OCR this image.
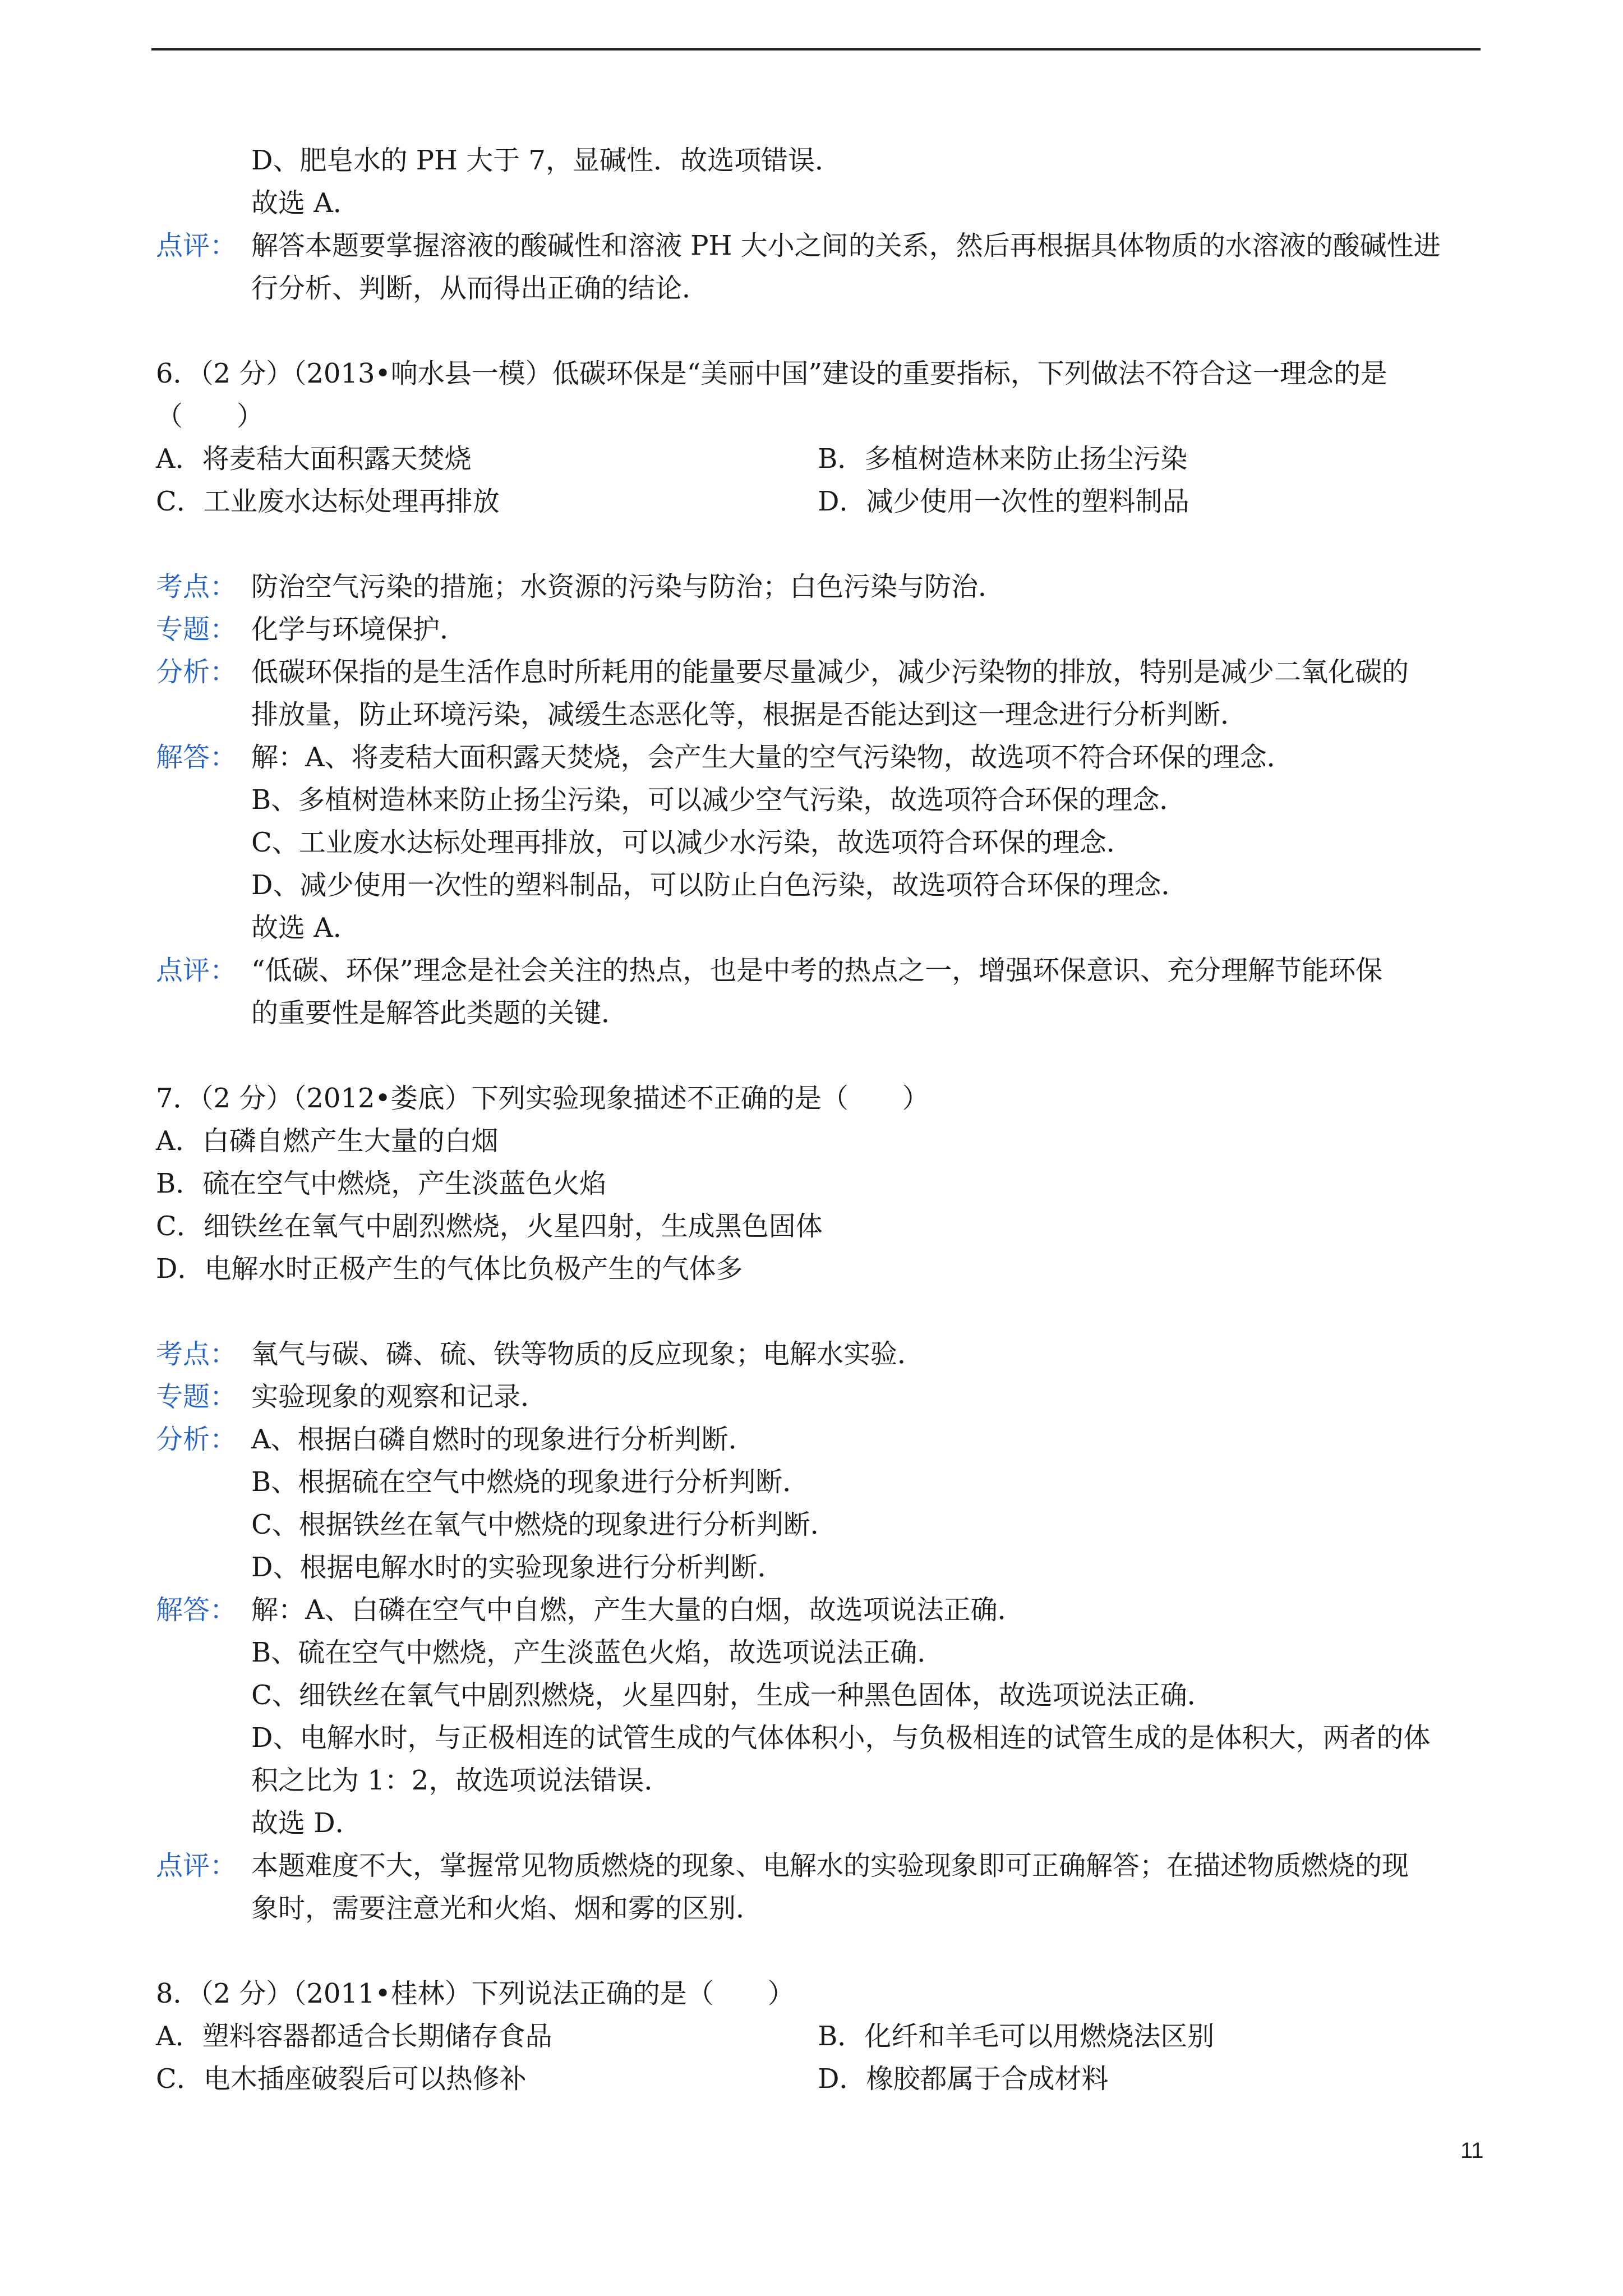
D、肥皂水的 PH 大于 7，显碱性．故选项错误．
故选 A．
点评： 解答本题要掌握溶液的酸碱性和溶液 PH 大小之间的关系，然后再根据具体物质的水溶液的酸碱性进
行分析、判断，从而得出正确的结论．
6．（2 分）（2013•响水县一模）低碳环保是“美丽中国”建设的重要指标，下列做法不符合这一理念的是
（　　）
A．将麦秸大面积露天焚烧	B．多植树造林来防止扬尘污染
C．工业废水达标处理再排放	D．减少使用一次性的塑料制品
考点： 防治空气污染的措施；水资源的污染与防治；白色污染与防治．
专题： 化学与环境保护．
分析： 低碳环保指的是生活作息时所耗用的能量要尽量减少，减少污染物的排放，特别是减少二氧化碳的
排放量，防止环境污染，减缓生态恶化等，根据是否能达到这一理念进行分析判断．
解答： 解：A、将麦秸大面积露天焚烧，会产生大量的空气污染物，故选项不符合环保的理念．
B、多植树造林来防止扬尘污染，可以减少空气污染，故选项符合环保的理念．
C、工业废水达标处理再排放，可以减少水污染，故选项符合环保的理念．
D、减少使用一次性的塑料制品，可以防止白色污染，故选项符合环保的理念．
故选 A．
点评： “低碳、环保”理念是社会关注的热点，也是中考的热点之一，增强环保意识、充分理解节能环保
的重要性是解答此类题的关键．
7．（2 分）（2012•娄底）下列实验现象描述不正确的是（　　）
A．白磷自燃产生大量的白烟
B．硫在空气中燃烧，产生淡蓝色火焰
C．细铁丝在氧气中剧烈燃烧，火星四射，生成黑色固体
D．电解水时正极产生的气体比负极产生的气体多
考点： 氧气与碳、磷、硫、铁等物质的反应现象；电解水实验．
专题： 实验现象的观察和记录．
分析： A、根据白磷自燃时的现象进行分析判断．
B、根据硫在空气中燃烧的现象进行分析判断．
C、根据铁丝在氧气中燃烧的现象进行分析判断．
D、根据电解水时的实验现象进行分析判断．
解答： 解：A、白磷在空气中自燃，产生大量的白烟，故选项说法正确．
B、硫在空气中燃烧，产生淡蓝色火焰，故选项说法正确．
C、细铁丝在氧气中剧烈燃烧，火星四射，生成一种黑色固体，故选项说法正确．
D、电解水时，与正极相连的试管生成的气体体积小，与负极相连的试管生成的是体积大，两者的体
积之比为 1：2，故选项说法错误．
故选 D．
点评： 本题难度不大，掌握常见物质燃烧的现象、电解水的实验现象即可正确解答；在描述物质燃烧的现
象时，需要注意光和火焰、烟和雾的区别．
8．（2 分）（2011•桂林）下列说法正确的是（　　）
A．塑料容器都适合长期储存食品	B．化纤和羊毛可以用燃烧法区别
C．电木插座破裂后可以热修补	D．橡胶都属于合成材料
11
